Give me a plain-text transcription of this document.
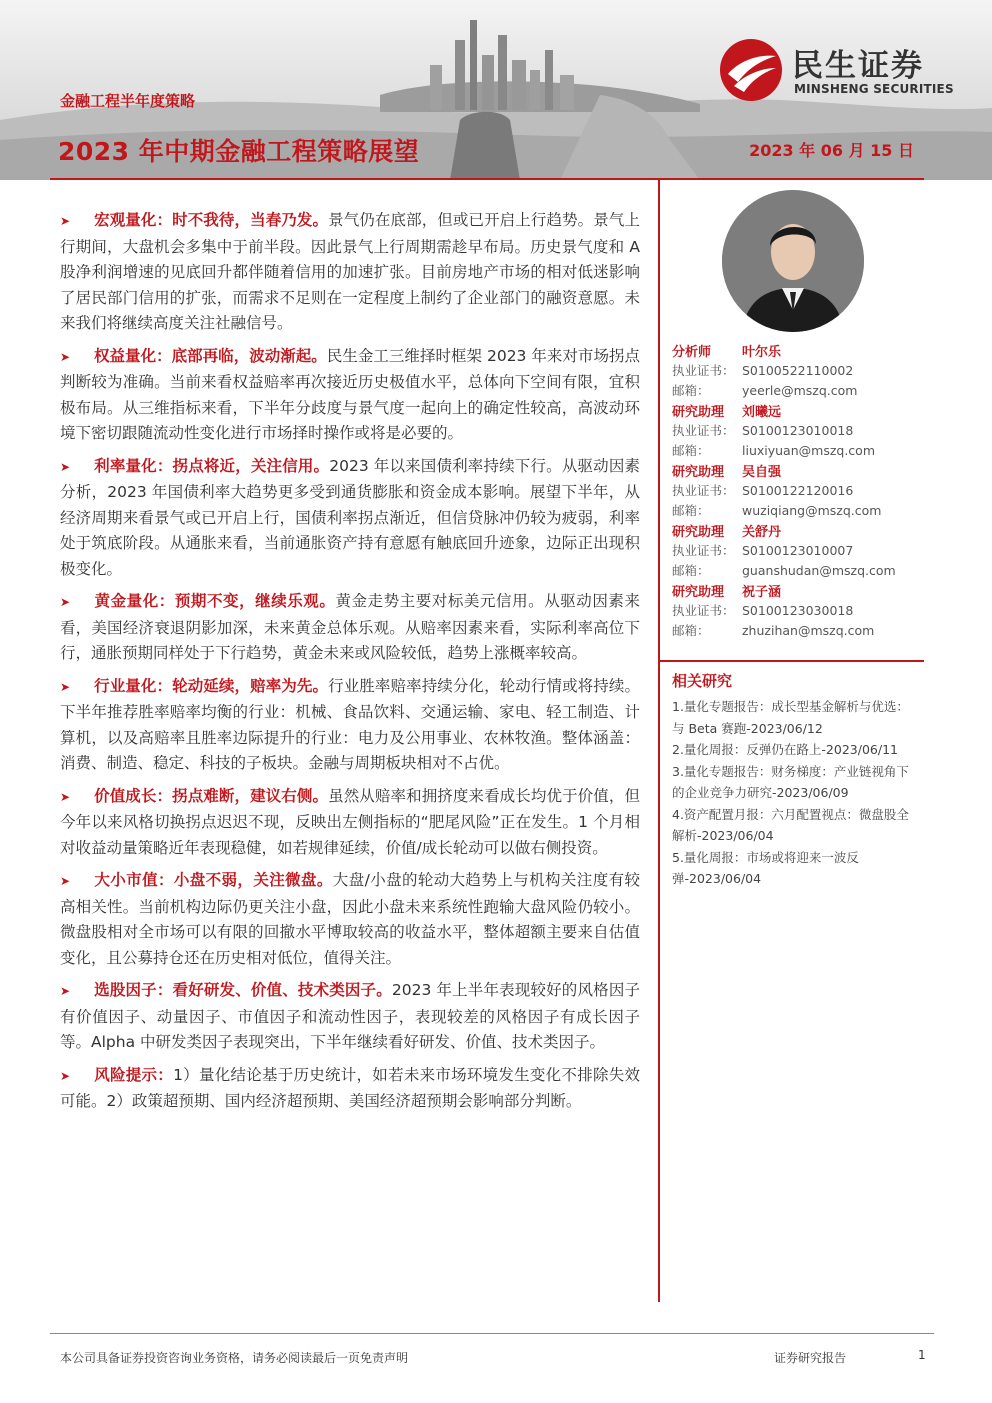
民生证券
MINSHENG SECURITIES
金融工程半年度策略
2023 年中期金融工程策略展望	2023 年 06 月 15 日

➤ 宏观量化：时不我待，当春乃发。景气仍在底部，但或已开启上行趋势。景气上行期间，大盘机会多集中于前半段。因此景气上行周期需趁早布局。历史景气度和 A 股净利润增速的见底回升都伴随着信用的加速扩张。目前房地产市场的相对低迷影响了居民部门信用的扩张，而需求不足则在一定程度上制约了企业部门的融资意愿。未来我们将继续高度关注社融信号。

➤ 权益量化：底部再临，波动渐起。民生金工三维择时框架 2023 年来对市场拐点判断较为准确。当前来看权益赔率再次接近历史极值水平，总体向下空间有限，宜积极布局。从三维指标来看，下半年分歧度与景气度一起向上的确定性较高，高波动环境下密切跟随流动性变化进行市场择时操作或将是必要的。

➤ 利率量化：拐点将近，关注信用。2023 年以来国债利率持续下行。从驱动因素分析，2023 年国债利率大趋势更多受到通货膨胀和资金成本影响。展望下半年，从经济周期来看景气或已开启上行，国债利率拐点渐近，但信贷脉冲仍较为疲弱，利率处于筑底阶段。从通胀来看，当前通胀资产持有意愿有触底回升迹象，边际正出现积极变化。

➤ 黄金量化：预期不变，继续乐观。黄金走势主要对标美元信用。从驱动因素来看，美国经济衰退阴影加深，未来黄金总体乐观。从赔率因素来看，实际利率高位下行，通胀预期同样处于下行趋势，黄金未来或风险较低，趋势上涨概率较高。

➤ 行业量化：轮动延续，赔率为先。行业胜率赔率持续分化，轮动行情或将持续。下半年推荐胜率赔率均衡的行业：机械、食品饮料、交通运输、家电、轻工制造、计算机，以及高赔率且胜率边际提升的行业：电力及公用事业、农林牧渔。整体涵盖：消费、制造、稳定、科技的子板块。金融与周期板块相对不占优。

➤ 价值成长：拐点难断，建议右侧。虽然从赔率和拥挤度来看成长均优于价值，但今年以来风格切换拐点迟迟不现，反映出左侧指标的“肥尾风险”正在发生。1 个月相对收益动量策略近年表现稳健，如若规律延续，价值/成长轮动可以做右侧投资。

➤ 大小市值：小盘不弱，关注微盘。大盘/小盘的轮动大趋势上与机构关注度有较高相关性。当前机构边际仍更关注小盘，因此小盘未来系统性跑输大盘风险仍较小。微盘股相对全市场可以有限的回撤水平博取较高的收益水平，整体超额主要来自估值变化，且公募持仓还在历史相对低位，值得关注。

➤ 选股因子：看好研发、价值、技术类因子。2023 年上半年表现较好的风格因子有价值因子、动量因子、市值因子和流动性因子，表现较差的风格因子有成长因子等。Alpha 中研发类因子表现突出，下半年继续看好研发、价值、技术类因子。

➤ 风险提示：1）量化结论基于历史统计，如若未来市场环境发生变化不排除失效可能。2）政策超预期、国内经济超预期、美国经济超预期会影响部分判断。

分析师	叶尔乐
执业证书： S0100522110002
邮箱：	yeerle@mszq.com
研究助理	刘曦远
执业证书： S0100123010018
邮箱：	liuxiyuan@mszq.com
研究助理	吴自强
执业证书： S0100122120016
邮箱：	wuziqiang@mszq.com
研究助理	关舒丹
执业证书： S0100123010007
邮箱：	guanshudan@mszq.com
研究助理	祝子涵
执业证书： S0100123030018
邮箱：	zhuzihan@mszq.com
相关研究
1.量化专题报告：成长型基金解析与优选：与 Beta 赛跑-2023/06/12
2.量化周报：反弹仍在路上-2023/06/11
3.量化专题报告：财务梯度：产业链视角下的企业竞争力研究-2023/06/09
4.资产配置月报：六月配置视点：微盘股全解析-2023/06/04
5.量化周报：市场或将迎来一波反弹-2023/06/04
本公司具备证券投资咨询业务资格，请务必阅读最后一页免责声明	证券研究报告	1
